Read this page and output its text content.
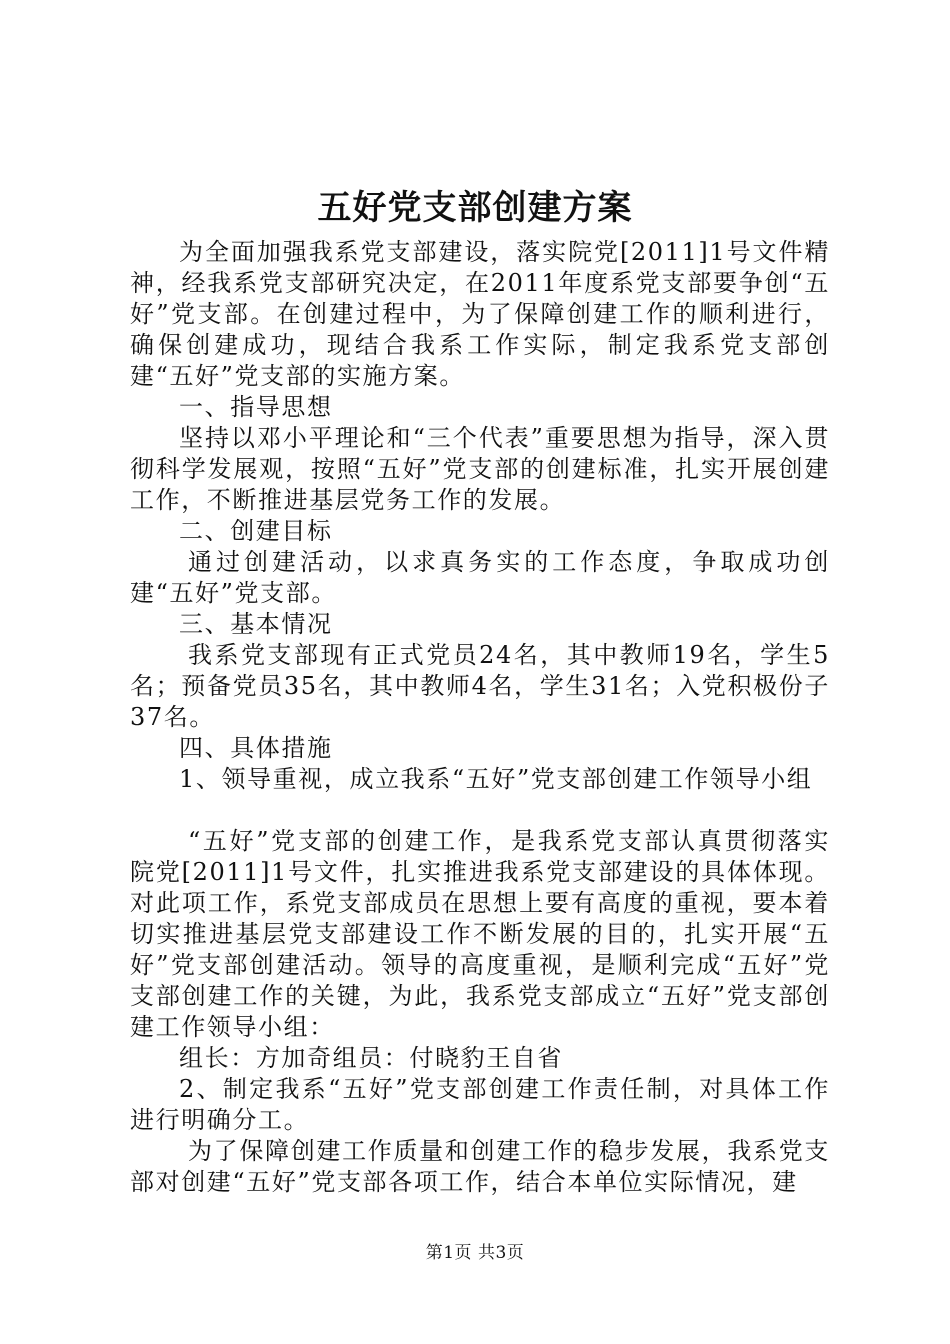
五好党支部创建方案

为全面加强我系党支部建设，落实院党[2011]1号文件精神，经我系党支部研究决定，在2011年度系党支部要争创“五好”党支部。在创建过程中，为了保障创建工作的顺利进行，确保创建成功，现结合我系工作实际，制定我系党支部创建“五好”党支部的实施方案。

一、指导思想

坚持以邓小平理论和“三个代表”重要思想为指导，深入贯彻科学发展观，按照“五好”党支部的创建标准，扎实开展创建工作，不断推进基层党务工作的发展。

二、创建目标

通过创建活动，以求真务实的工作态度，争取成功创建“五好”党支部。

三、基本情况

我系党支部现有正式党员24名，其中教师19名，学生5名；预备党员35名，其中教师4名，学生31名；入党积极份子37名。

四、具体措施

1、领导重视，成立我系“五好”党支部创建工作领导小组

“五好”党支部的创建工作，是我系党支部认真贯彻落实院党[2011]1号文件，扎实推进我系党支部建设的具体体现。对此项工作，系党支部成员在思想上要有高度的重视，要本着切实推进基层党支部建设工作不断发展的目的，扎实开展“五好”党支部创建活动。领导的高度重视，是顺利完成“五好”党支部创建工作的关键，为此，我系党支部成立“五好”党支部创建工作领导小组：

组长：方加奇组员：付晓豹王自省

2、制定我系“五好”党支部创建工作责任制，对具体工作进行明确分工。

为了保障创建工作质量和创建工作的稳步发展，我系党支部对创建“五好”党支部各项工作，结合本单位实际情况，建

第1页 共3页
